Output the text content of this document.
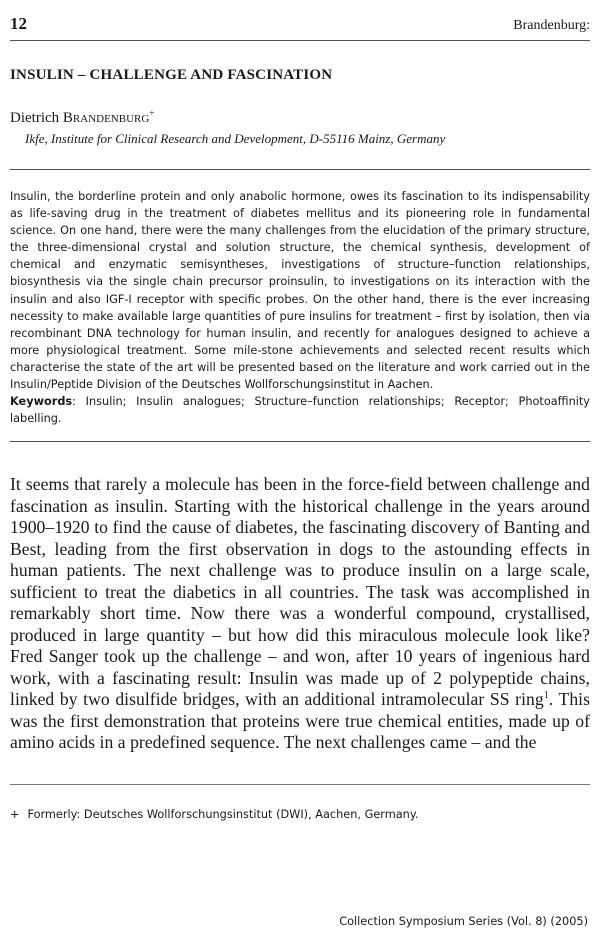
12	Brandenburg:
INSULIN – CHALLENGE AND FASCINATION
Dietrich Brandenburg+
Ikfe, Institute for Clinical Research and Development, D-55116 Mainz, Germany

Insulin, the borderline protein and only anabolic hormone, owes its fascination to its indispensability as life-saving drug in the treatment of diabetes mellitus and its pioneering role in fundamental science. On one hand, there were the many challenges from the elucidation of the primary structure, the three-dimensional crystal and solution structure, the chemical synthesis, development of chemical and enzymatic semisyntheses, investigations of structure–function relationships, biosynthesis via the single chain precursor proinsulin, to investigations on its interaction with the insulin and also IGF-I receptor with specific probes. On the other hand, there is the ever increasing necessity to make available large quantities of pure insulins for treatment – first by isolation, then via recombinant DNA technology for human insulin, and recently for analogues designed to achieve a more physiological treatment. Some mile-stone achievements and selected recent results which characterise the state of the art will be presented based on the literature and work carried out in the Insulin/Peptide Division of the Deutsches Wollforschungsinstitut in Aachen.

Keywords: Insulin; Insulin analogues; Structure–function relationships; Receptor; Photoaffinity labelling.

It seems that rarely a molecule has been in the force-field between challenge and fascination as insulin. Starting with the historical challenge in the years around 1900–1920 to find the cause of diabetes, the fascinating discovery of Banting and Best, leading from the first observation in dogs to the astounding effects in human patients. The next challenge was to produce insulin on a large scale, sufficient to treat the diabetics in all countries. The task was accomplished in remarkably short time. Now there was a wonderful compound, crystallised, produced in large quantity – but how did this miraculous molecule look like? Fred Sanger took up the challenge – and won, after 10 years of ingenious hard work, with a fascinating result: Insulin was made up of 2 polypeptide chains, linked by two disulfide bridges, with an additional intramolecular SS ring$^1$. This was the first demonstration that proteins were true chemical entities, made up of amino acids in a predefined sequence. The next challenges came – and the
+ Formerly: Deutsches Wollforschungsinstitut (DWI), Aachen, Germany.
Collection Symposium Series (Vol. 8) (2005)
